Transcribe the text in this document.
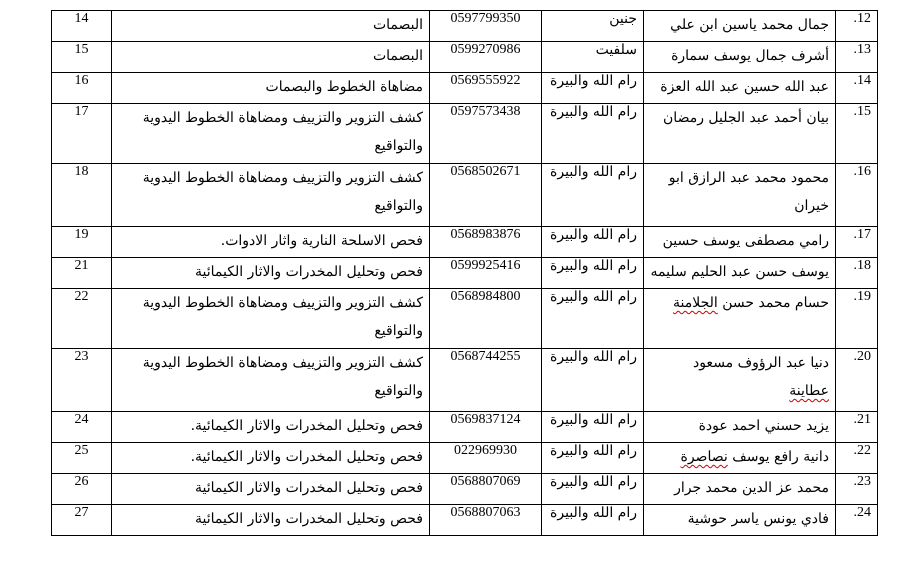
14	البصمات	0597799350	جنين	جمال محمد ياسين ابن علي	.12
15	البصمات	0599270986	سلفيت	أشرف جمال يوسف سمارة	.13
16	مضاهاة الخطوط والبصمات	0569555922	رام الله والبيرة	عبد الله حسين عبد الله العزة	.14
17	كشف التزوير والتزييف ومضاهاة الخطوط اليدوية والتواقيع	0597573438	رام الله والبيرة	بيان أحمد عبد الجليل رمضان	.15
18	كشف التزوير والتزييف ومضاهاة الخطوط اليدوية والتواقيع	0568502671	رام الله والبيرة	محمود محمد عبد الرازق ابو خيران	.16
19	فحص الاسلحة النارية واثار الادوات.	0568983876	رام الله والبيرة	رامي مصطفى يوسف حسين	.17
21	فحص وتحليل المخدرات والاثار الكيمائية	0599925416	رام الله والبيرة	يوسف حسن عبد الحليم سليمه	.18
22	كشف التزوير والتزييف ومضاهاة الخطوط اليدوية والتواقيع	0568984800	رام الله والبيرة	حسام محمد حسن الجلامنة	.19
23	كشف التزوير والتزييف ومضاهاة الخطوط اليدوية والتواقيع	0568744255	رام الله والبيرة	دنيا عبد الرؤوف مسعود عطاينة	.20
24	فحص وتحليل المخدرات والاثار الكيمائية.	0569837124	رام الله والبيرة	يزيد حسني احمد عودة	.21
25	فحص وتحليل المخدرات والاثار الكيمائية.	022969930	رام الله والبيرة	دانية رافع يوسف نصاصرة	.22
26	فحص وتحليل المخدرات والاثار الكيمائية	0568807069	رام الله والبيرة	محمد عز الدين محمد جرار	.23
27	فحص وتحليل المخدرات والاثار الكيمائية	0568807063	رام الله والبيرة	فادي يونس ياسر حوشية	.24
